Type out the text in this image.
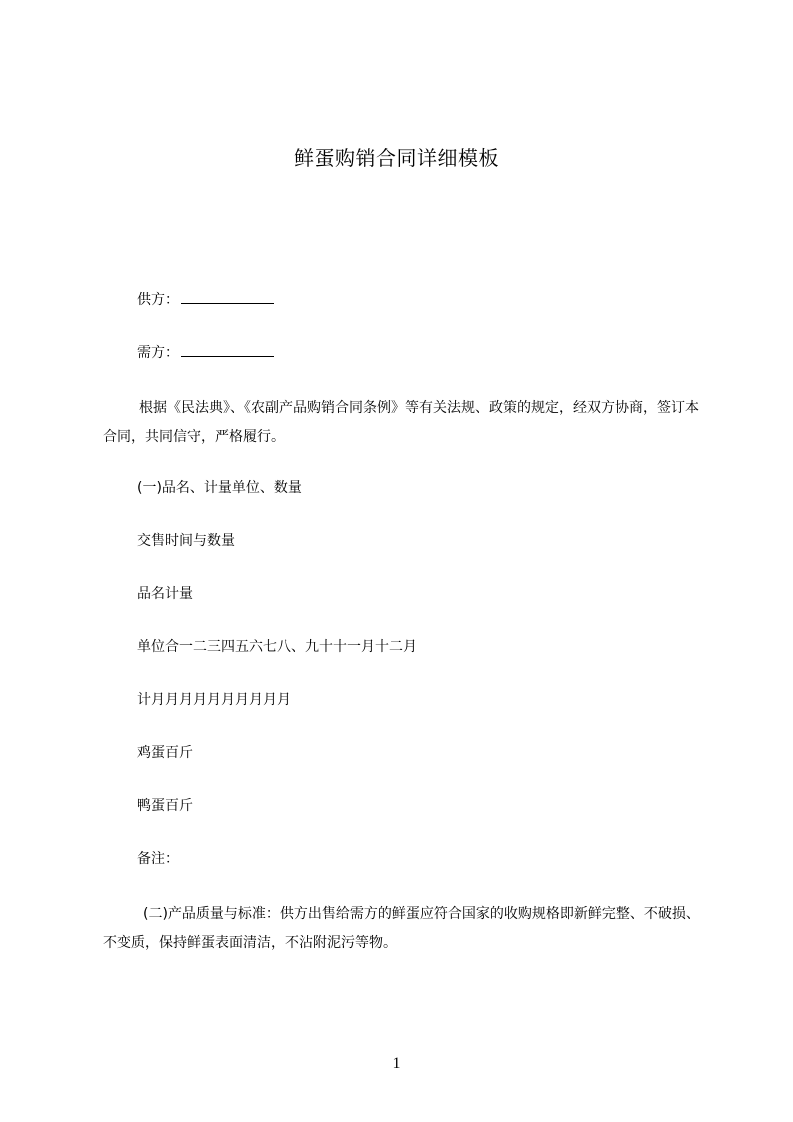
鲜蛋购销合同详细模板
供方：
需方：
根据《民法典》、《农副产品购销合同条例》等有关法规、政策的规定，经双方协商，签订本合同，共同信守，严格履行。
(一)品名、计量单位、数量
交售时间与数量
品名计量
单位合一二三四五六七八、九十十一月十二月
计月月月月月月月月月月
鸡蛋百斤
鸭蛋百斤
备注：
(二)产品质量与标准：供方出售给需方的鲜蛋应符合国家的收购规格即新鲜完整、不破损、不变质，保持鲜蛋表面清洁，不沾附泥污等物。
1
